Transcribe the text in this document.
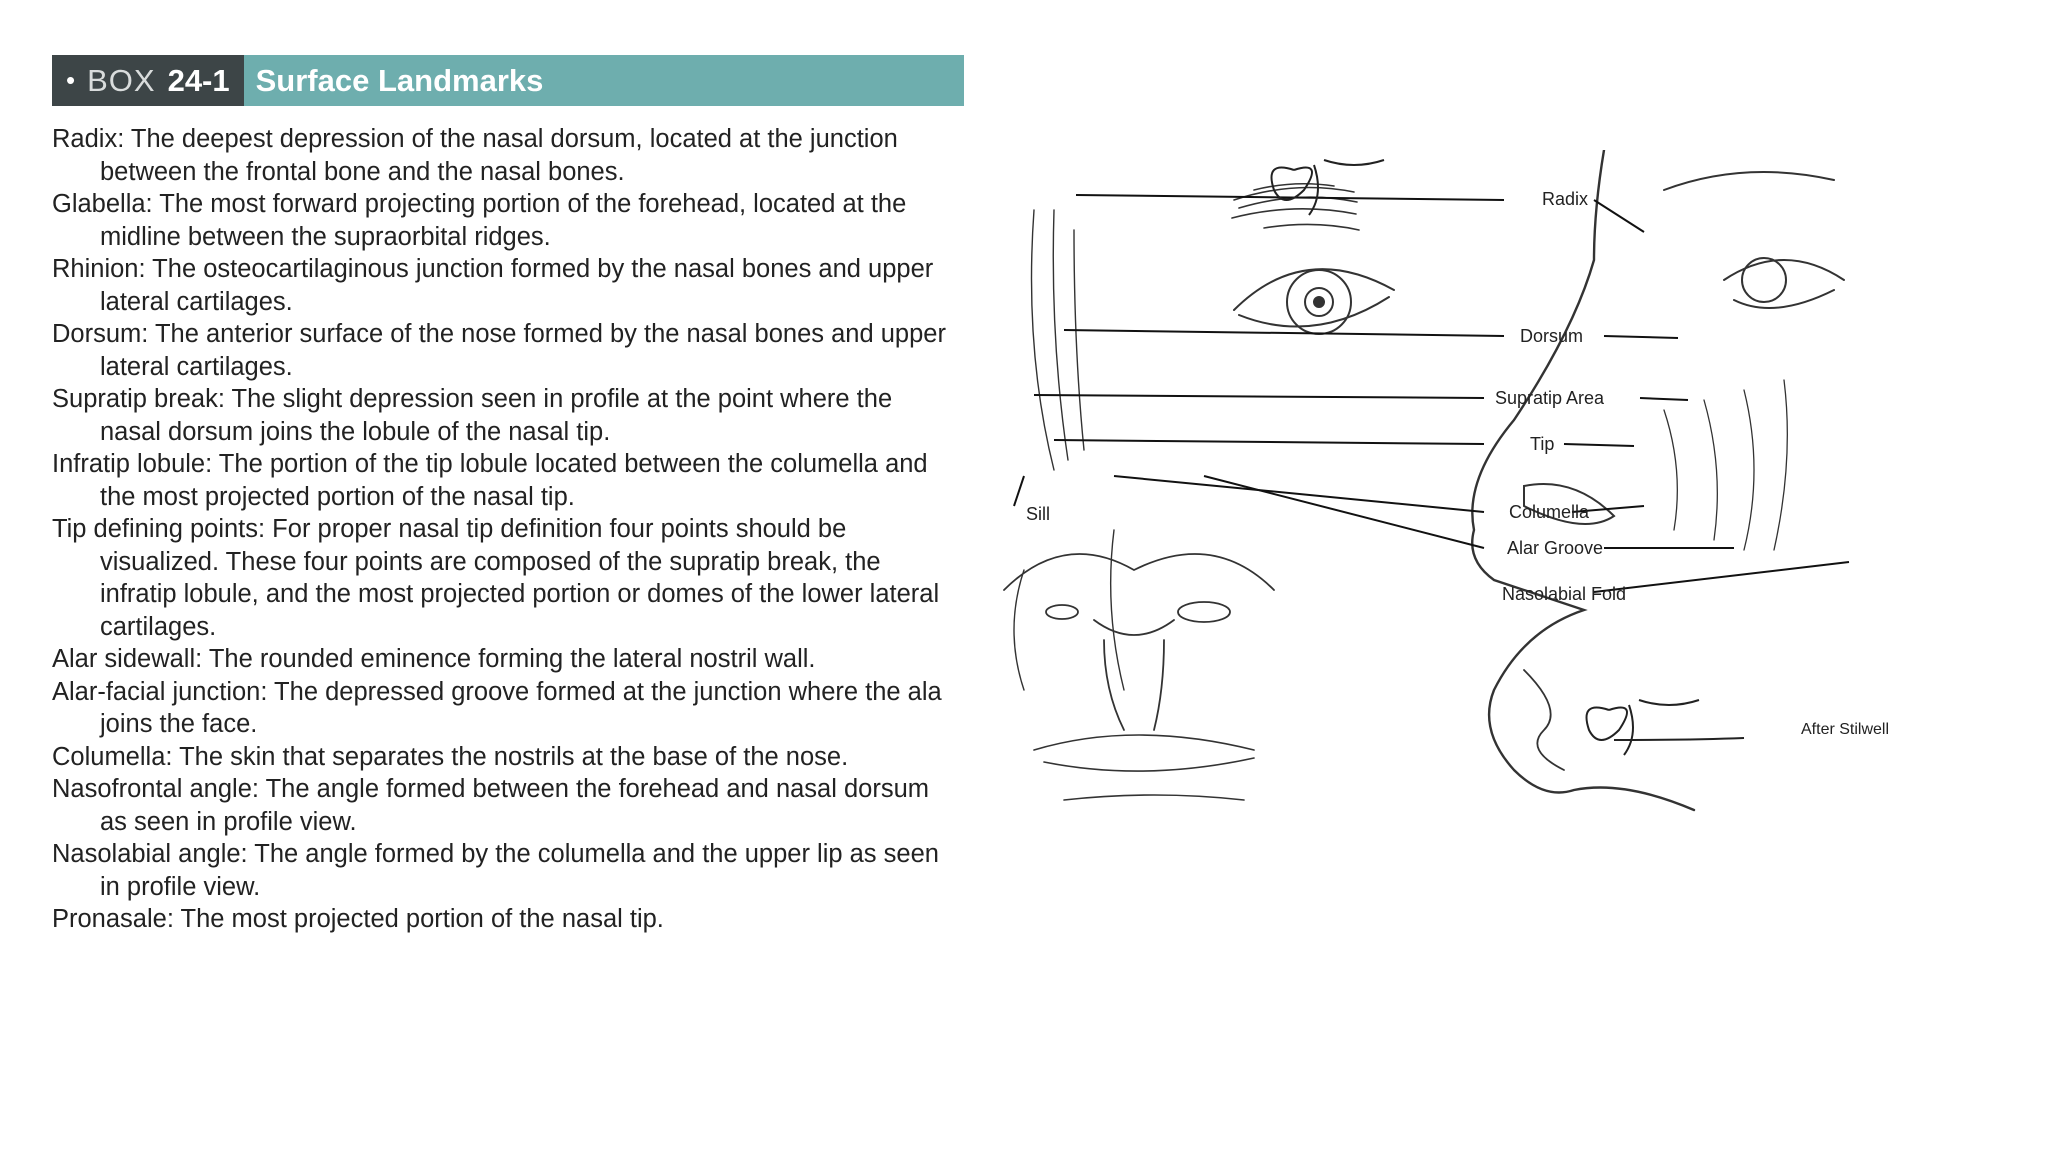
• BOX 24-1 Surface Landmarks
Radix: The deepest depression of the nasal dorsum, located at the junction between the frontal bone and the nasal bones.
Glabella: The most forward projecting portion of the forehead, located at the midline between the supraorbital ridges.
Rhinion: The osteocartilaginous junction formed by the nasal bones and upper lateral cartilages.
Dorsum: The anterior surface of the nose formed by the nasal bones and upper lateral cartilages.
Supratip break: The slight depression seen in profile at the point where the nasal dorsum joins the lobule of the nasal tip.
Infratip lobule: The portion of the tip lobule located between the columella and the most projected portion of the nasal tip.
Tip defining points: For proper nasal tip definition four points should be visualized. These four points are composed of the supratip break, the infratip lobule, and the most projected portion or domes of the lower lateral cartilages.
Alar sidewall: The rounded eminence forming the lateral nostril wall.
Alar-facial junction: The depressed groove formed at the junction where the ala joins the face.
Columella: The skin that separates the nostrils at the base of the nose.
Nasofrontal angle: The angle formed between the forehead and nasal dorsum as seen in profile view.
Nasolabial angle: The angle formed by the columella and the upper lip as seen in profile view.
Pronasale: The most projected portion of the nasal tip.
Radix
Dorsum
Supratip Area
Tip
Columella
Alar Groove
Nasolabial Fold
Sill
After Stilwell
